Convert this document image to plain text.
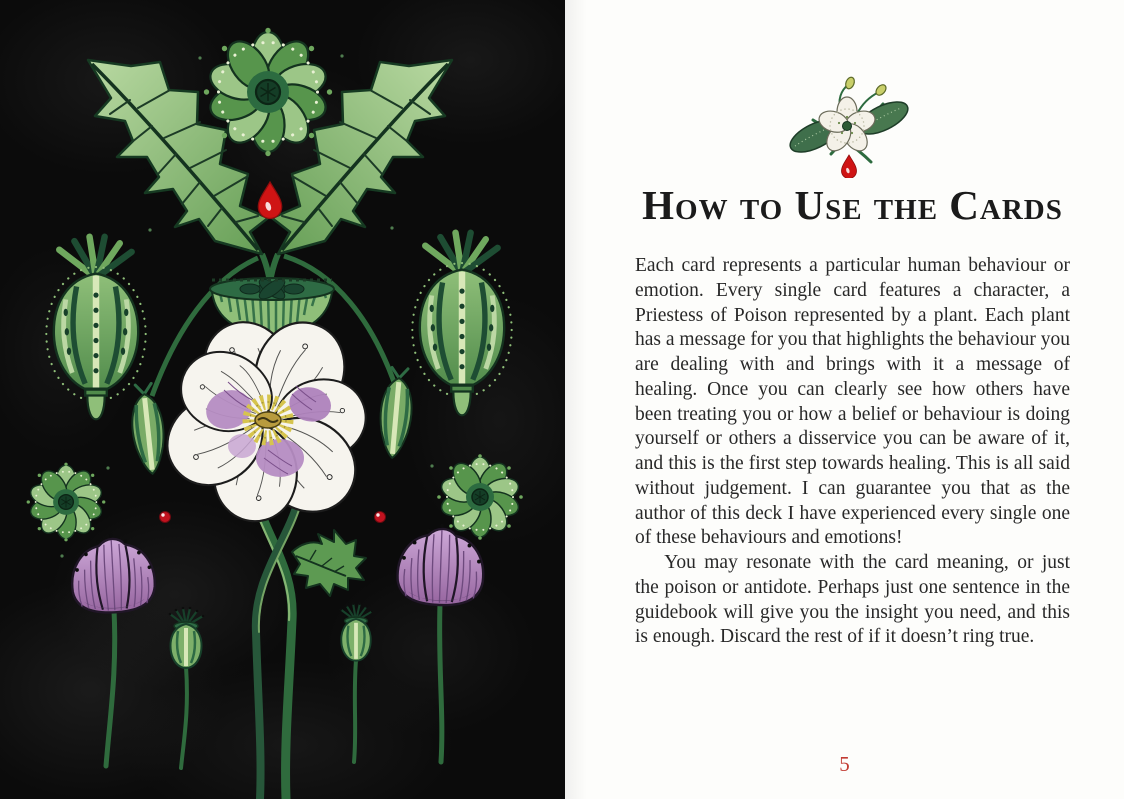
How to Use the Cards

Each card represents a particular human behaviour or emotion. Every single card features a character, a Priestess of Poison represented by a plant. Each plant has a message for you that highlights the behaviour you are dealing with and brings with it a message of healing. Once you can clearly see how others have been treating you or how a belief or behaviour is doing yourself or others a disservice you can be aware of it, and this is the first step towards healing. This is all said without judgement. I can guarantee you that as the author of this deck I have experienced every single one of these behaviours and emotions!

You may resonate with the card meaning, or just the poison or antidote. Perhaps just one sentence in the guidebook will give you the insight you need, and this is enough. Discard the rest of if it doesn’t ring true.

5
